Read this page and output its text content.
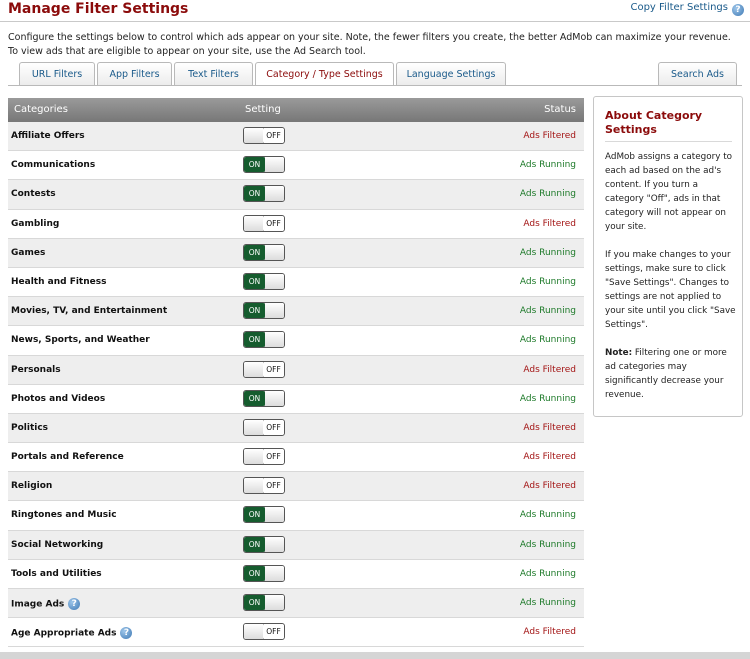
Manage Filter Settings	Copy Filter Settings ?
Configure the settings below to control which ads appear on your site. Note, the fewer filters you create, the better AdMob can maximize your revenue.
To view ads that are eligible to appear on your site, use the Ad Search tool.
URL Filters	App Filters	Text Filters	Category / Type Settings	Language Settings	Search Ads
Categories	Setting	Status
Affiliate Offers	OFF	Ads Filtered
Communications	ON	Ads Running
Contests	ON	Ads Running
Gambling	OFF	Ads Filtered
Games	ON	Ads Running
Health and Fitness	ON	Ads Running
Movies, TV, and Entertainment	ON	Ads Running
News, Sports, and Weather	ON	Ads Running
Personals	OFF	Ads Filtered
Photos and Videos	ON	Ads Running
Politics	OFF	Ads Filtered
Portals and Reference	OFF	Ads Filtered
Religion	OFF	Ads Filtered
Ringtones and Music	ON	Ads Running
Social Networking	ON	Ads Running
Tools and Utilities	ON	Ads Running
Image Ads ?	ON	Ads Running
Age Appropriate Ads ?	OFF	Ads Filtered
About Category Settings

AdMob assigns a category to each ad based on the ad's content. If you turn a category "Off", ads in that category will not appear on your site.

If you make changes to your settings, make sure to click "Save Settings". Changes to settings are not applied to your site until you click "Save Settings".

Note: Filtering one or more ad categories may significantly decrease your revenue.
